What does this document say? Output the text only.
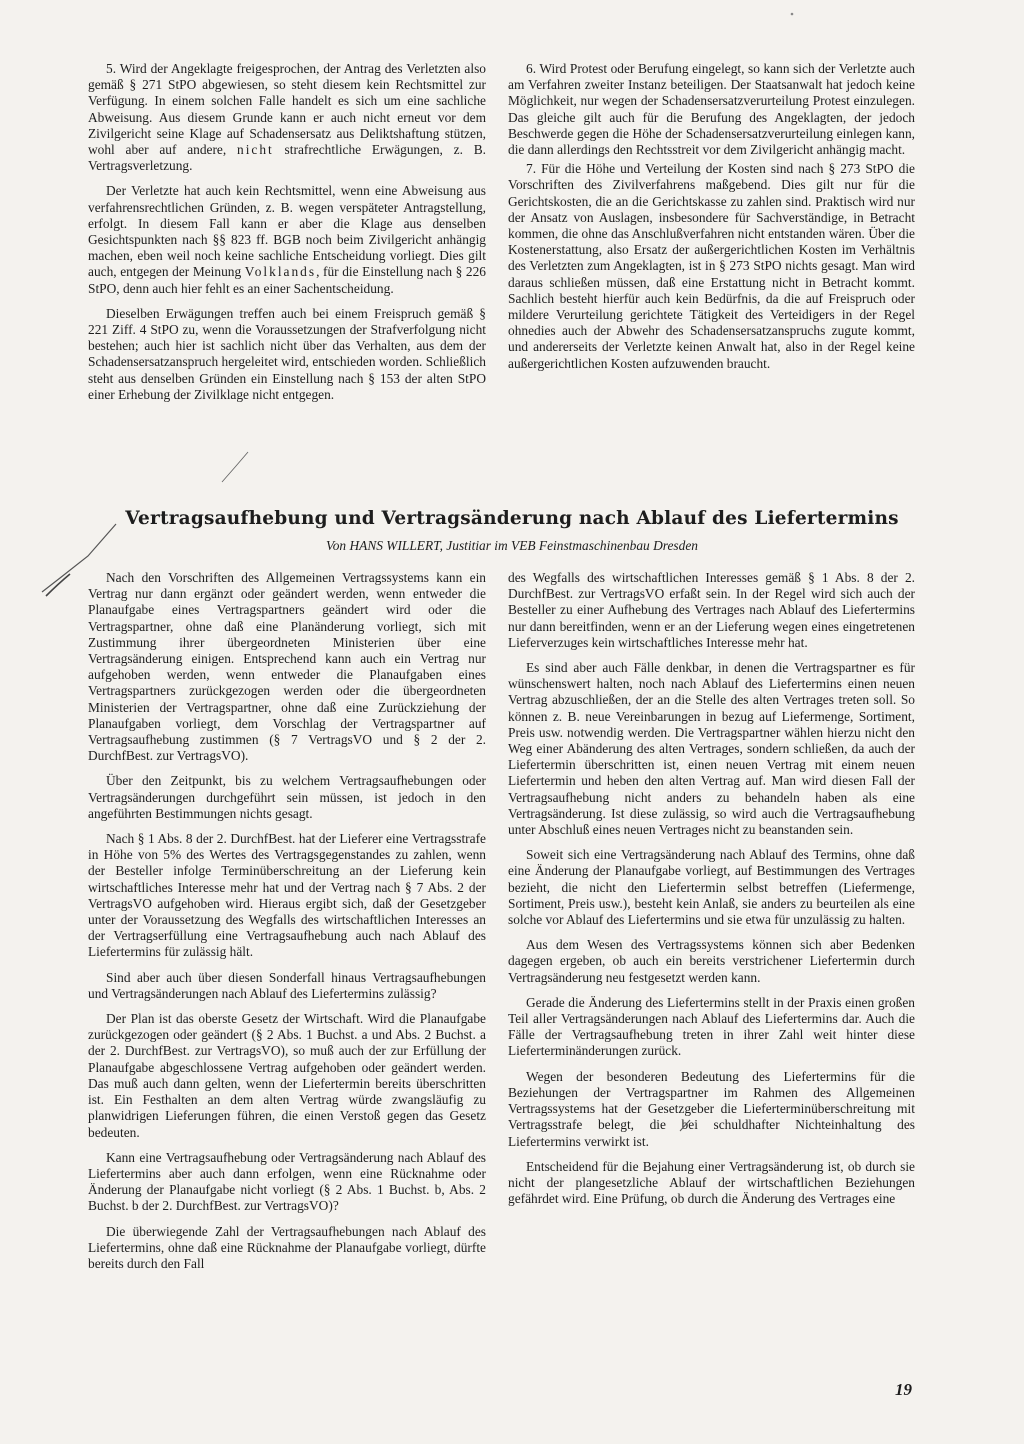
5. Wird der Angeklagte freigesprochen, der Antrag des Verletzten also gemäß § 271 StPO abgewiesen, so steht diesem kein Rechtsmittel zur Verfügung. In einem solchen Falle handelt es sich um eine sachliche Abweisung. Aus diesem Grunde kann er auch nicht erneut vor dem Zivilgericht seine Klage auf Schadensersatz aus Deliktshaftung stützen, wohl aber auf andere, nicht strafrechtliche Erwägungen, z. B. Vertragsverletzung.

Der Verletzte hat auch kein Rechtsmittel, wenn eine Abweisung aus verfahrensrechtlichen Gründen, z. B. wegen verspäteter Antragstellung, erfolgt. In diesem Fall kann er aber die Klage aus denselben Gesichtspunkten nach §§ 823 ff. BGB noch beim Zivilgericht anhängig machen, eben weil noch keine sachliche Entscheidung vorliegt. Dies gilt auch, entgegen der Meinung Volklands, für die Einstellung nach § 226 StPO, denn auch hier fehlt es an einer Sachentscheidung.

Dieselben Erwägungen treffen auch bei einem Freispruch gemäß § 221 Ziff. 4 StPO zu, wenn die Voraussetzungen der Strafverfolgung nicht bestehen; auch hier ist sachlich nicht über das Verhalten, aus dem der Schadensersatzanspruch hergeleitet wird, entschieden worden. Schließlich steht aus denselben Gründen ein Einstellung nach § 153 der alten StPO einer Erhebung der Zivilklage nicht entgegen.

6. Wird Protest oder Berufung eingelegt, so kann sich der Verletzte auch am Verfahren zweiter Instanz beteiligen. Der Staatsanwalt hat jedoch keine Möglichkeit, nur wegen der Schadensersatzverurteilung Protest einzulegen. Das gleiche gilt auch für die Berufung des Angeklagten, der jedoch Beschwerde gegen die Höhe der Schadensersatzverurteilung einlegen kann, die dann allerdings den Rechtsstreit vor dem Zivilgericht anhängig macht.

7. Für die Höhe und Verteilung der Kosten sind nach § 273 StPO die Vorschriften des Zivilverfahrens maßgebend. Dies gilt nur für die Gerichtskosten, die an die Gerichtskasse zu zahlen sind. Praktisch wird nur der Ansatz von Auslagen, insbesondere für Sachverständige, in Betracht kommen, die ohne das Anschlußverfahren nicht entstanden wären. Über die Kostenerstattung, also Ersatz der außergerichtlichen Kosten im Verhältnis des Verletzten zum Angeklagten, ist in § 273 StPO nichts gesagt. Man wird daraus schließen müssen, daß eine Erstattung nicht in Betracht kommt. Sachlich besteht hierfür auch kein Bedürfnis, da die auf Freispruch oder mildere Verurteilung gerichtete Tätigkeit des Verteidigers in der Regel ohnedies auch der Abwehr des Schadensersatzanspruchs zugute kommt, und andererseits der Verletzte keinen Anwalt hat, also in der Regel keine außergerichtlichen Kosten aufzuwenden braucht.

Vertragsaufhebung und Vertragsänderung nach Ablauf des Liefertermins
Von HANS WILLERT, Justitiar im VEB Feinstmaschinenbau Dresden

Nach den Vorschriften des Allgemeinen Vertragssystems kann ein Vertrag nur dann ergänzt oder geändert werden, wenn entweder die Planaufgabe eines Vertragspartners geändert wird oder die Vertragspartner, ohne daß eine Planänderung vorliegt, sich mit Zustimmung ihrer übergeordneten Ministerien über eine Vertragsänderung einigen. Entsprechend kann auch ein Vertrag nur aufgehoben werden, wenn entweder die Planaufgaben eines Vertragspartners zurückgezogen werden oder die übergeordneten Ministerien der Vertragspartner, ohne daß eine Zurückziehung der Planaufgaben vorliegt, dem Vorschlag der Vertragspartner auf Vertragsaufhebung zustimmen (§ 7 VertragsVO und § 2 der 2. DurchfBest. zur VertragsVO).

Über den Zeitpunkt, bis zu welchem Vertragsaufhebungen oder Vertragsänderungen durchgeführt sein müssen, ist jedoch in den angeführten Bestimmungen nichts gesagt.

Nach § 1 Abs. 8 der 2. DurchfBest. hat der Lieferer eine Vertragsstrafe in Höhe von 5% des Wertes des Vertragsgegenstandes zu zahlen, wenn der Besteller infolge Terminüberschreitung an der Lieferung kein wirtschaftliches Interesse mehr hat und der Vertrag nach § 7 Abs. 2 der VertragsVO aufgehoben wird. Hieraus ergibt sich, daß der Gesetzgeber unter der Voraussetzung des Wegfalls des wirtschaftlichen Interesses an der Vertragserfüllung eine Vertragsaufhebung auch nach Ablauf des Liefertermins für zulässig hält.

Sind aber auch über diesen Sonderfall hinaus Vertragsaufhebungen und Vertragsänderungen nach Ablauf des Liefertermins zulässig?

Der Plan ist das oberste Gesetz der Wirtschaft. Wird die Planaufgabe zurückgezogen oder geändert (§ 2 Abs. 1 Buchst. a und Abs. 2 Buchst. a der 2. DurchfBest. zur VertragsVO), so muß auch der zur Erfüllung der Planaufgabe abgeschlossene Vertrag aufgehoben oder geändert werden. Das muß auch dann gelten, wenn der Liefertermin bereits überschritten ist. Ein Festhalten an dem alten Vertrag würde zwangsläufig zu planwidrigen Lieferungen führen, die einen Verstoß gegen das Gesetz bedeuten.

Kann eine Vertragsaufhebung oder Vertragsänderung nach Ablauf des Liefertermins aber auch dann erfolgen, wenn eine Rücknahme oder Änderung der Planaufgabe nicht vorliegt (§ 2 Abs. 1 Buchst. b, Abs. 2 Buchst. b der 2. DurchfBest. zur VertragsVO)?

Die überwiegende Zahl der Vertragsaufhebungen nach Ablauf des Liefertermins, ohne daß eine Rücknahme der Planaufgabe vorliegt, dürfte bereits durch den Fall

des Wegfalls des wirtschaftlichen Interesses gemäß § 1 Abs. 8 der 2. DurchfBest. zur VertragsVO erfaßt sein. In der Regel wird sich auch der Besteller zu einer Aufhebung des Vertrages nach Ablauf des Liefertermins nur dann bereitfinden, wenn er an der Lieferung wegen eines eingetretenen Lieferverzuges kein wirtschaftliches Interesse mehr hat.

Es sind aber auch Fälle denkbar, in denen die Vertragspartner es für wünschenswert halten, noch nach Ablauf des Liefertermins einen neuen Vertrag abzuschließen, der an die Stelle des alten Vertrages treten soll. So können z. B. neue Vereinbarungen in bezug auf Liefermenge, Sortiment, Preis usw. notwendig werden. Die Vertragspartner wählen hierzu nicht den Weg einer Abänderung des alten Vertrages, sondern schließen, da auch der Liefertermin überschritten ist, einen neuen Vertrag mit einem neuen Liefertermin und heben den alten Vertrag auf. Man wird diesen Fall der Vertragsaufhebung nicht anders zu behandeln haben als eine Vertragsänderung. Ist diese zulässig, so wird auch die Vertragsaufhebung unter Abschluß eines neuen Vertrages nicht zu beanstanden sein.

Soweit sich eine Vertragsänderung nach Ablauf des Termins, ohne daß eine Änderung der Planaufgabe vorliegt, auf Bestimmungen des Vertrages bezieht, die nicht den Liefertermin selbst betreffen (Liefermenge, Sortiment, Preis usw.), besteht kein Anlaß, sie anders zu beurteilen als eine solche vor Ablauf des Liefertermins und sie etwa für unzulässig zu halten.

Aus dem Wesen des Vertragssystems können sich aber Bedenken dagegen ergeben, ob auch ein bereits verstrichener Liefertermin durch Vertragsänderung neu festgesetzt werden kann.

Gerade die Änderung des Liefertermins stellt in der Praxis einen großen Teil aller Vertragsänderungen nach Ablauf des Liefertermins dar. Auch die Fälle der Vertragsaufhebung treten in ihrer Zahl weit hinter diese Lieferterminänderungen zurück.

Wegen der besonderen Bedeutung des Liefertermins für die Beziehungen der Vertragspartner im Rahmen des Allgemeinen Vertragssystems hat der Gesetzgeber die Lieferterminüberschreitung mit Vertragsstrafe belegt, die bei schuldhafter Nichteinhaltung des Liefertermins verwirkt ist.

Entscheidend für die Bejahung einer Vertragsänderung ist, ob durch sie nicht der plangesetzliche Ablauf der wirtschaftlichen Beziehungen gefährdet wird. Eine Prüfung, ob durch die Änderung des Vertrages eine

19
